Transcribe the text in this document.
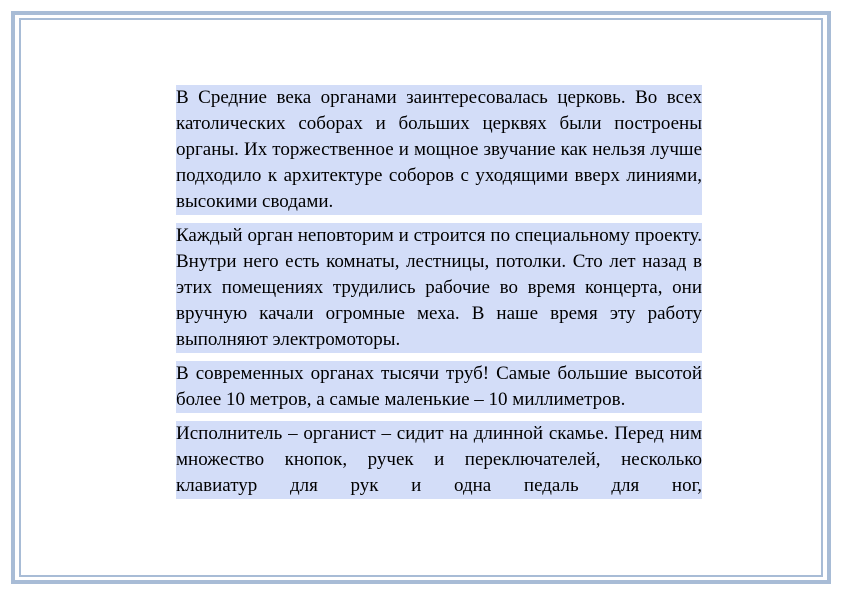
В Средние века органами заинтересовалась церковь. Во всех католических соборах и больших церквях были построены органы. Их торжественное и мощное звучание как нельзя лучше подходило к архитектуре соборов с уходящими вверх линиями, высокими сводами.

Каждый орган неповторим и строится по специальному проекту. Внутри него есть комнаты, лестницы, потолки. Сто лет назад в этих помещениях трудились рабочие во время концерта, они вручную качали огромные меха. В наше время эту работу выполняют электромоторы.

В современных органах тысячи труб! Самые большие высотой более 10 метров, а самые маленькие – 10 миллиметров.

Исполнитель – органист – сидит на длинной скамье. Перед ним множество кнопок, ручек и переключателей, несколько клавиатур для рук и одна педаль для ног,
